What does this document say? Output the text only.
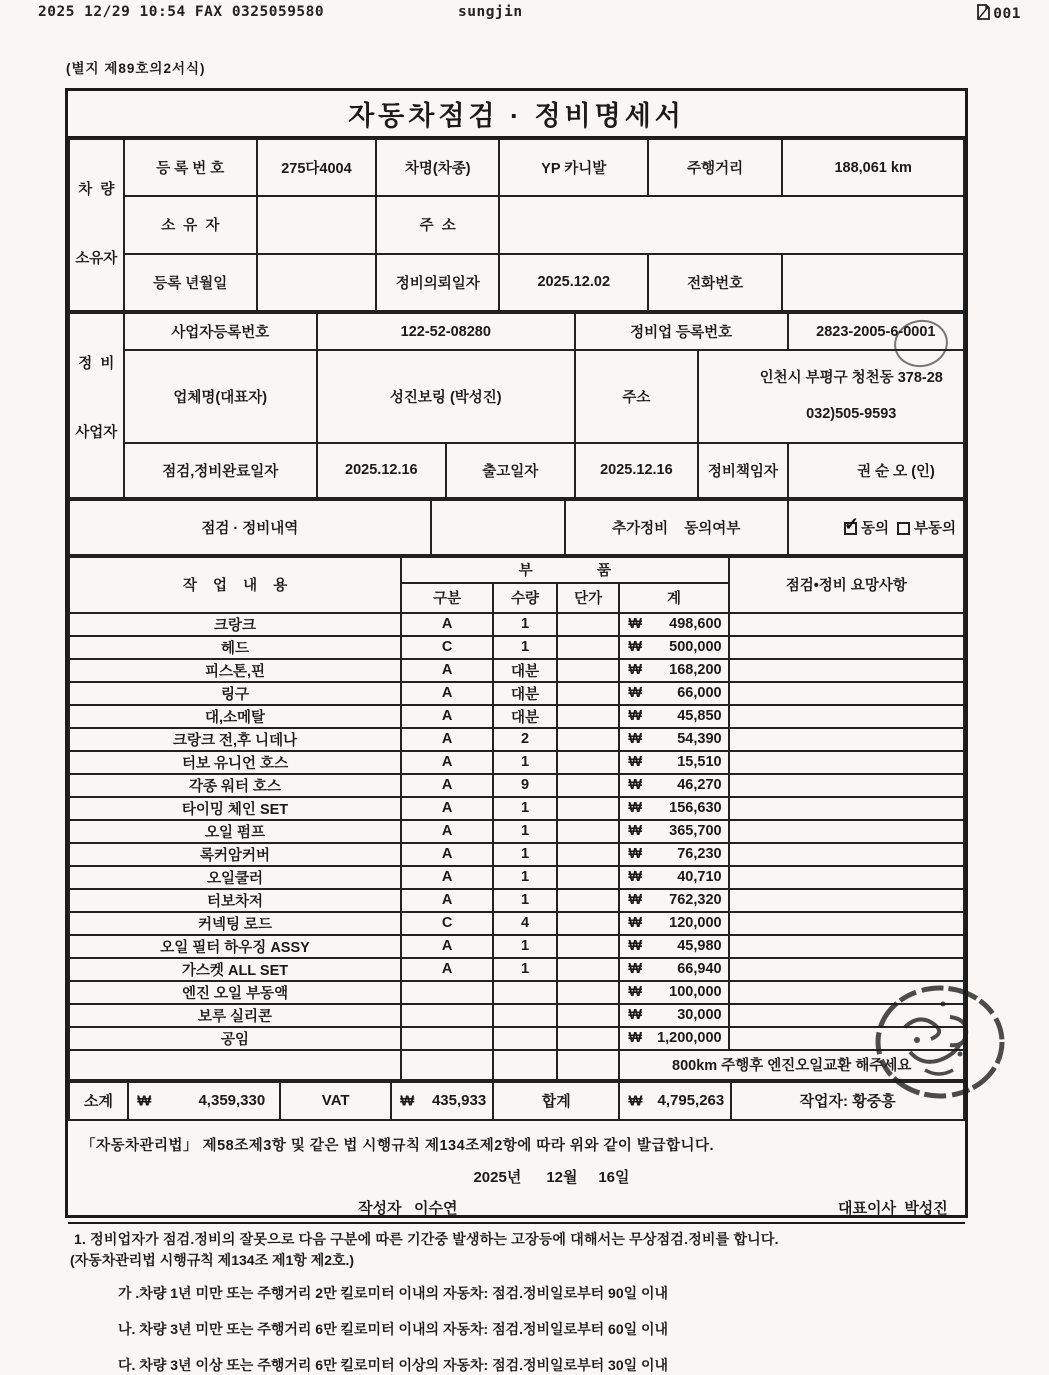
2025 12/29 10:54 FAX 0325059580	sungjin	001
(별지 제89호의2서식)
자동차점검 · 정비명세서

차  량

소유자	등 록 번 호	275다4004	차명(차종)	YP 카니발	주행거리	188,061 km
	소  유  자		주  소			
	등록 년월일		정비의뢰일자	2025.12.02	전화번호	

정  비

사업자	사업자등록번호	122-52-08280		정비업 등록번호		2823-2005-6-0001
	업체명(대표자)	성진보링 (박성진)		주소	인천시 부평구 청천동 378-28

032)505-9593	

	점검,정비완료일자	2025.12.16	출고일자	2025.12.16	정비책임자	권 순 오 (인)

점검 · 정비내역		추가정비    동의여부	✓ 동의 부동의

작    업    내    용	부                품				점검•정비 요망사항
	구분	수량	단가	계	
크랑크	A	1		₩ 498,600	
헤드	C	1		₩ 500,000	
피스톤,핀	A	대분		₩ 168,200	
링구	A	대분		₩ 66,000	
대,소메탈	A	대분		₩ 45,850	
크랑크 전,후 니데나	A	2		₩ 54,390	
터보 유니언 호스	A	1		₩ 15,510	
각종 워터 호스	A	9		₩ 46,270	
타이밍 체인 SET	A	1		₩ 156,630	
오일 펌프	A	1		₩ 365,700	
록커암커버	A	1		₩ 76,230	
오일쿨러	A	1		₩ 40,710	
터보차저	A	1		₩ 762,320	
커넥팅 로드	C	4		₩ 120,000	
오일 필터 하우징 ASSY	A	1		₩ 45,980	
가스켓 ALL SET	A	1		₩ 66,940	
엔진 오일 부동액				₩ 100,000	
보루 실리콘				₩ 30,000	
공임				₩ 1,200,000	
				800km 주행후 엔진오일교환 해주세요	
소계	₩	4,359,330	VAT	₩ 435,933	합계	₩ 4,795,263	작업자: 황중흥
「자동차관리법」 제58조제3항 및 같은 법 시행규칙 제134조제2항에 따라 위와 같이 발급합니다.
2025년      12월     16일
작성자 이수연	대표이사 박성진
1. 정비업자가 점검.정비의 잘못으로 다음 구분에 따른 기간중 발생하는 고장등에 대해서는 무상점검.정비를 합니다.
(자동차관리법 시행규칙 제134조 제1항 제2호.)
가 .차량 1년 미만 또는 주행거리 2만 킬로미터 이내의 자동차: 점검.정비일로부터 90일 이내
나. 차량 3년 미만 또는 주행거리 6만 킬로미터 이내의 자동차: 점검.정비일로부터 60일 이내
다. 차량 3년 이상 또는 주행거리 6만 킬로미터 이상의 자동차: 점검.정비일로부터 30일 이내
